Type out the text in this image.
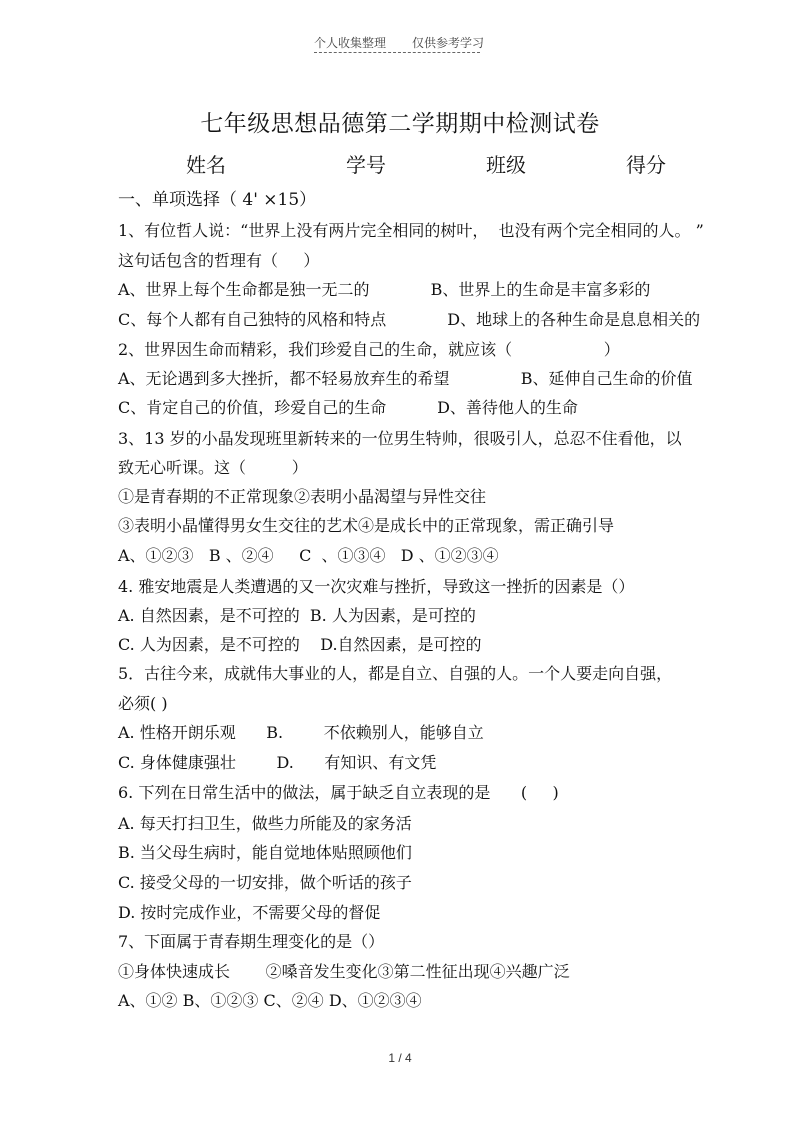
个人收集整理 仅供参考学习
七年级思想品德第二学期期中检测试卷
姓名	学号	班级	得分
一、单项选择（ 4' ×15）
1、有位哲人说：“世界上没有两片完全相同的树叶，  也没有两个完全相同的人。 ”
这句话包含的哲理有（     ）
A、世界上每个生命都是独一无二的            B、世界上的生命是丰富多彩的
C、每个人都有自己独特的风格和特点            D、地球上的各种生命是息息相关的
2、世界因生命而精彩，我们珍爱自己的生命，就应该（                  ）
A、无论遇到多大挫折，都不轻易放弃生的希望              B、延伸自己生命的价值
C、肯定自己的价值，珍爱自己的生命          D、善待他人的生命
3、13 岁的小晶发现班里新转来的一位男生特帅，很吸引人，总忍不住看他，以
致无心听课。这（         ）
①是青春期的不正常现象②表明小晶渴望与异性交往
③表明小晶懂得男女生交往的艺术④是成长中的正常现象，需正确引导
A、①②③   B 、②④     C  、①③④   D 、①②③④
4. 雅安地震是人类遭遇的又一次灾难与挫折，导致这一挫折的因素是（）
A. 自然因素，是不可控的  B. 人为因素，是可控的
C. 人为因素，是不可控的    D.自然因素，是可控的
5．古往今来，成就伟大事业的人，都是自立、自强的人。一个人要走向自强，
必须( )
A. 性格开朗乐观      B.        不依赖别人，能够自立
C. 身体健康强壮        D.      有知识、有文凭
6. 下列在日常生活中的做法，属于缺乏自立表现的是      (     )
A. 每天打扫卫生，做些力所能及的家务活
B. 当父母生病时，能自觉地体贴照顾他们
C. 接受父母的一切安排，做个听话的孩子
D. 按时完成作业，不需要父母的督促
7、下面属于青春期生理变化的是（）
①身体快速成长       ②嗓音发生变化③第二性征出现④兴趣广泛
A、①② B、①②③ C、②④ D、①②③④
1 / 4
